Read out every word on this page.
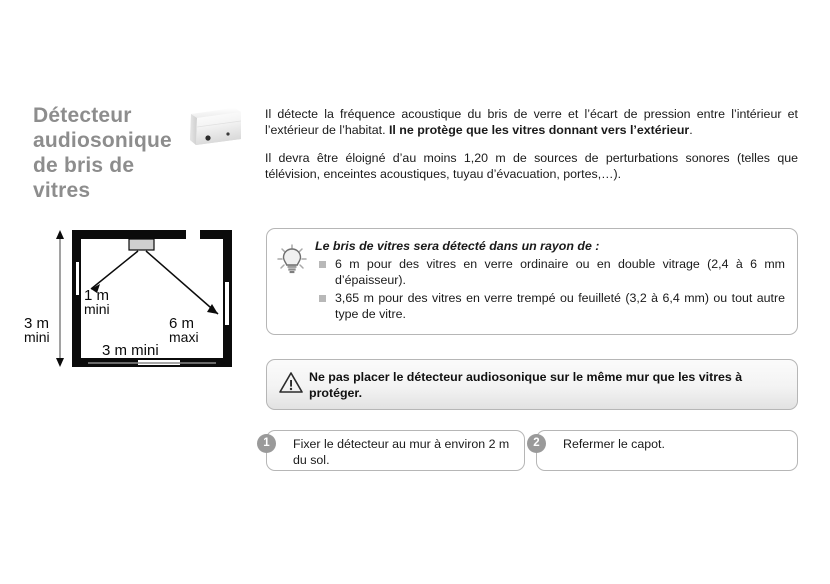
Détecteur audiosonique de bris de vitres

Il détecte la fréquence acoustique du bris de verre et l’écart de pression entre l’intérieur et l’extérieur de l’habitat. Il ne protège que les vitres donnant vers l’extérieur.

Il devra être éloigné d’au moins 1,20 m de sources de perturbations sonores (telles que télévision, enceintes acoustiques, tuyau d’évacuation, portes,…).

1 m
mini
6 m
maxi
3 m mini
3 m
mini

Le bris de vitres sera détecté dans un rayon de :

6 m pour des vitres en verre ordinaire ou en double vitrage (2,4 à 6 mm d’épaisseur).
3,65 m pour des vitres en verre trempé ou feuilleté (3,2 à 6,4 mm) ou tout autre type de vitre.
Ne pas placer le détecteur audiosonique sur le même mur que les vitres à protéger.
1	Fixer le détecteur au mur à environ 2 m du sol.
2	Refermer le capot.
